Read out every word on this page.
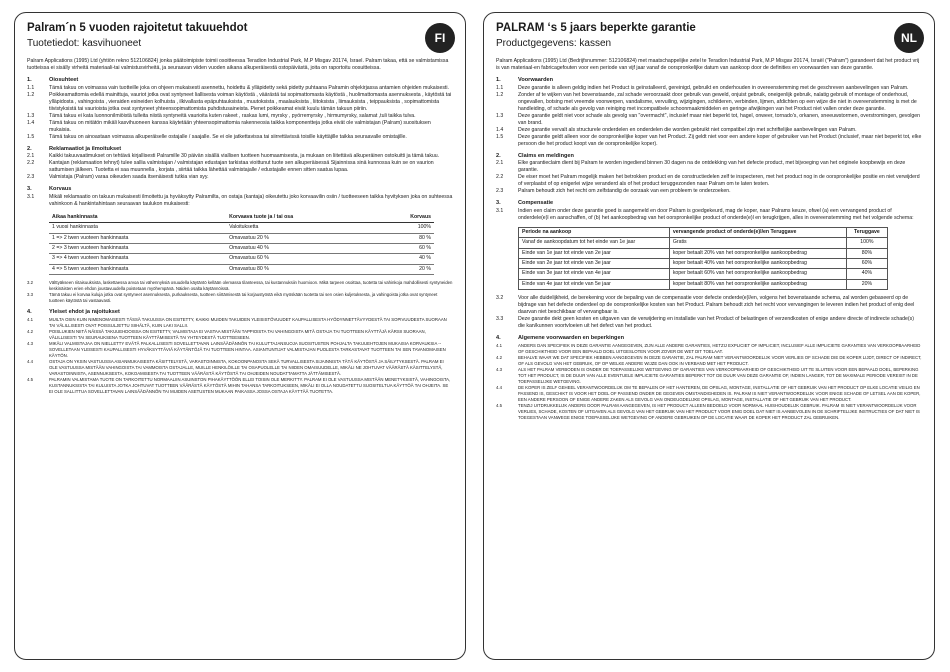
FI
Palram´n 5 vuoden rajoitetut takuuehdot
Tuotetiedot: kasvihuoneet
Palram Applications (1995) Ltd (yhtiön rekno 512106824) jonka päätoimipiste toimii osoitteessa Teradion Industrial Park, M.P Misgav 20174, Israel. Palram takaa, että se valmistamissa tuotteissa ei sisälly virheitä materiaali-tai valmistusvirheitä, ja seuraavan viiden vuoden aikana alkuperäisestä ostopäivästä, joita on raportoitu oosuitteissa.
1.	Oiosuhteet
1.1	Tämä takuu on voimassa vain tuotteille joka on ohjeen mukaisesti asennettu, hoidettu & ylläpidetty sekä pidetty puhtaana Palramin ohjekirjassa antamien ohjeiden mukaisesti.
1.2	Poikkeamattomia edellä mainittuja, vauriot jotka ovat syntyneet liallisesta voiman käytöstä , väärästä tai sopimattomasta käytöstä , huolimattomasta asennuksesta , käytöstä tai ylläpidosta , vahingoista , vieraiden esineiden kolhuista , ilkivallasta epäpuhtauksista , muutoksista , maalauksista , liitoksista , liimauksista , teippauksista , sopimattomista tiivistyksistä tai vaurioista jotka ovat syntyneet yhteensopimattomista puhdistusaineista. Pienet poikkeamat eivät kuulu tämän takuun piiriin.
1.3	Tämä takuu ei kata luonnonilmiöistä tulleita niistä syntyneitä vaurioita kuten rakeet , raskas lumi, myrsky , pyörremyrsky , hirmumyrsky, salamat ,tuli taikka tulva.
1.4	Tämä takuu on mitätön mikäli kasvihuoneen kanssa käytetään yhteensopimattomia rakenneosia taikka komponentteja jotka eivät ole valmistajan (Palram) suosituksen mukaisia.
1.5	Tämä takuu on ainoastaan voimassa alkuperäiselle ostajalle / saajalle. Se ei ole jatkettavissa tai siirrettävissä toisille käyttäjille taikka seuraavalle omistajille.
2.	Reklamaatiot ja ilmoitukset
2.1	Kaikki takuuvaatimukset on tehtävä kirjallisesti Palramille 30 päivän sisällä viallisen tuotteen huomaamisesta, ja mukaan on liitettävä alkuperäinen ostokuitti ja tämä takuu.
2.2	Kantajan (reklamaation tehnyt) tulee sallia valmistajan / valmistajan edustajan tarkistaa vioittunut tuote sen alkuperäisessä Sijainnissa sinä kunnossa kuin se on vaurion sattumisen jälkeen. Tuotetta ei saa muunnella , korjata , siirtää taikka lähettää valmistajalle / edustajalle ennen sitten saatua lupaa.
2.3	Valmistaja (Palram) varaa oikeuden saada itsenäisesti tutkia vian syy.
3.	Korvaus
3.1	Mikäli reklamaatio on takuun mukaisesti ilmoitettu ja hyväksytty Palramilta, on ostaja (kantaja) oikeutettu joko korvaavilin osiin / tuotteeseen taikka hyvityksen joka on suhteessa vahinkoon & hankintahintaan seuraavan taulukon mukaisesti:
Aikaa hankinnasta	Korvaava tuote ja / tai osa	Korvaus
1 vuosi hankinnasta	Valoituksetta	100%
1 => 2 twen vuoteen hankinnasta	Omavastuu 20 %	80 %
2 => 3 twen vuoteen hankinnasta	Omavastuu 40 %	60 %
3 => 4 twen vuoteen hankinnasta	Omavastuu 60 %	40 %
4 => 5 twen vuoteen hankinnasta	Omavastuu 80 %	20 %
3.2	Välttyäkseen riitaisuuksista, laskettaessa arvoa tai vähennyksiä osuudella käytäntö kellään olemassa tilanteessa, tai kustannuksiin huomioon. Mikä tarpeen osoittaa, tuotetta tai vahinkoja mahdollisesti syntyneiden keskinäisten erien ehdon joustavuudella poistetaan myöhempänä. Näiden osalta käytännöissä.
3.3	Tämä takuu ei korvaa kuluja jotka ovat syntyneet asennuksesta, purkauksesta, tuotteen siirtämisestä tai korjaustyöstä eikä myöskään tuotetta tai sen osien kuljetuksesta, ja vahingoista jotka ovat syntyneet tuotteen käytöstä tai vastaavasti.
4.	Yleiset ehdot ja rajoitukset
4.1	MUILTA OSIN KUIN NIMENOMAISESTI TÄSSÄ TAKUUSSA ON ESITETTY, KAIKKI MUIDEN TAKUIDEN YLEISISTÖVUUDET KAUPALLISESTA HYÖDYNNETTÄVYYDESTÄ TAI SOPIVUUDESTA SUORAAN TAI VÄLILLISESTI OVAT POISSULJETTU SIIHÄLTÄ, KUIN LAKI SALLII.
4.2	POISLUKIEN NIITÄ NÄISSÄ TAKUUEHDOISSA ON ESITETTY, VALMISTAJA EI VASTAA MISTÄÄN TAPPIOISTA TAI VAHINGOISTA MITÄ OSTAJA TAI TUOTTEEN KÄYTTÄJÄ KÄRSII SUORAAN, VÄLILLISESTI TAI SEURAUKSENA TUOTTEEN KÄYTTÄMISESTÄ TAI YHTEYDESTÄ TUOTTEESEEN.
4.3	MIKÄLI VALMISTAJAA ON NIELLETTY EVÄTÄ PALKALLISESTI SOVELLETTAVAN LAINSÄÄDÄNNÖN TAI KULUTTAJANSUOJA SUOSITUSTEN POHJALTA TAKUUEHTOJEN MUKAISIA KORVAUKSIA -- SOVELLETAAN YLEISESTI KAUPALLISESTI HYVÄKSYTTÄVIÄ KÄYTÄNTÖJÄ TAI TUOTTEEN HINTAA. ASIANTUNTIJAT VALMISTAJAN PUOLESTA TARKASTAVAT TUOTTEEN TAI SEN TAVANOMAISEN KÄYTÖN.
4.4	OSTAJA ON YKSIN VASTUUSSA ASIANMUKAISESTA KÄSITTELYSTÄ, VARASTOINNISTA, KOKOONPANOSTA SEKÄ TURVALLISESTA SIJAINNISTA TÄTÄ KÄYTÖSTÄ JA SÄILYTYKSESTÄ. PALRAM EI OLE VASTUUSSA MISTÄÄN VAHINGOISTA TAI VAMMOISTA OSTAJALLE, MUILLE HENKILÖILLE TAI OSAPUOLELLE TAI NIIDEN OMAISUUDELLE, MIKÄLI NE JOHTUVAT VÄÄRÄSTÄ KÄSITTELYSTÄ, VARASTOINNISTA, ASENNUKSESTA, KOKOAMISESTA TAI TUOTTEEN VÄÄRÄSTÄ KÄYTÖSTÄ TAI OHJEIDEN NOUDATTAMATTA JÄTTÄMISESTÄ.
4.5	PALRAMIN VALMISTAMA TUOTE ON TARKOITETTU NORMAALIIN ASUINSTON PIHAKÄYTTÖÖN ELLEI TOISIN OLE MERKITTY. PALRAM EI OLE VASTUUSSA MISTÄÄN MENETYKSISTÄ, VAHINGOISTA, KUSTANNUKSISTA TAI KULUISTA JOTKA JOHTUVAT TUOTTEEN VÄÄRÄSTÄ KÄYTÖSTÄ MIHIN TAHANSA TARKOITUKSEEN, MIKÄLI EI OLLA NOUDATETTU SUOSITELTUA KÄYTTÖÄ TAI OHJEITA. SE EI OLE SALLITTUA SOVELLETTAVAN LAINSÄÄDÄNNÖN TAI MUIDEN ASETUSTEN MUKAAN PAIKASSA JOSSA OSTAJA KÄYTTÄÄ TUOTETTA.
NL
PALRAM ‘s 5 jaars beperkte garantie
Productgegevens: kassen
Palram Applications (1995) Ltd (Bedrijfsnummer: 512106824) met maatschappelijke zetel te Teradion Industrial Park, M.P Misgav 20174, Israël ("Palram") garandeert dat het product vrij is van materiaal-en fabricagefouten voor een periode van vijf jaar vanaf de oorspronkelijke datum van aankoop door de definities en voorwaarden van deze garantie.
1.	Voorwaarden
1.1	Deze garantie is alleen geldig indien het Product is geïnstalleerd, gereinigd, gebruikt en onderhouden in overeenstemming met de geschreven aanbevelingen van Palram.
1.2	Zonder af te wijken van het bovenstaande, zal schade veroorzaakt door gebruik van geweld, onjuist gebruik, oneigenlijk gebruik, nalatig gebruik of montage of onderhoud, ongevallen, botsing met vreemde voorwerpen, vandalisme, vervuiling, wijzigingen, schilderen, verbinden, lijmen, afdichten op een wijze die niet in overeenstemming is met de handleiding, of schade als gevolg van reiniging met incompatibele schoonmaakmiddelen en geringe afwijkingen van het Product niet vallen onder deze garantie.
1.3	Deze garantie geldt niet voor schade als gevolg van "overmacht", inclusief maar niet beperkt tot, hagel, onweer, tornado's, orkanen, sneeuwstormen, overstromingen, gevolgen van brand.
1.4	Deze garantie vervalt als structurele onderdelen en onderdelen die worden gebruikt niet compatibel zijn met schriftelijke aanbevelingen van Palram.
1.5	Deze garantie geldt alleen voor de oorspronkelijke koper van het Product. Zij geldt niet voor een andere koper of gebruiker van het Product (inclusief, maar niet beperkt tot, elke persoon die het product koopt van de oorspronkelijke koper).
2.	Claims en meldingen
2.1	Elke garantieclaim dient bij Palram te worden ingediend binnen 30 dagen na de ontdekking van het defecte product, met bijvoeging van het originele koopbewijs en deze garantie.
2.2	De eiser moet het Palram mogelijk maken het betrokken product en de constructiedelen zelf te inspecteren, met het product nog in de oorspronkelijke positie en niet verwijderd of verplaatst of op enigerlei wijze veranderd als of het product teruggezonden naar Palram om te laten testen.
2.3	Palram behoudt zich het recht om zelfstandig de oorzaak van een probleem te onderzoeken.
3.	Compensatie
3.1	Indien een claim onder deze garantie goed is aangemeld en door Palram is goedgekeurd, mag de koper, naar Palrams keuze, ofwel (a) een vervangend product of onderdele(e)l en aanschaffen, of (b) het aankoopbedrag van het oorspronkelijke product of onderde(e)l en terugkrijgen, alles in overeenstemming met het volgende schema:
Periode na aankoop	vervangende product of onderde(e)l/en Teruggave	Teruggave
Vanaf de aankoopdatum tot het einde van 1e jaar	Gratis	100%
Einde van 1e jaar tot einde van 2e jaar	koper betaalt 20% van het oorspronkelijke aankoopbedrag	80%
Einde van 2e jaar tot einde van 3e jaar	koper betaalt 40% van het oorspronkelijke aankoopbedrag	60%
Einde van 3e jaar tot einde van 4e jaar	koper betaalt 60% van het oorspronkelijke aankoopbedrag	40%
Einde van 4e jaar tot einde van 5e jaar	koper betaalt 80% van het oorspronkelijke aankoopbedrag	20%
3.2	Voor alle duidelijkheid, de berekening voor de bepaling van de compensatie voor defecte onderde(e)l/en, volgens het bovenstaande schema, zal worden gebaseerd op de bijdrage van het defecte onderdeel op de oorspronkelijke kosten van het Product. Palram behoudt zich het recht voor vervangingen te leveren indien het product of enig deel daarvan niet beschikbaar of vervangbaar is.
3.3	Deze garantie dekt geen kosten en uitgaven van de verwijdering en installatie van het Product of belastingen of verzendkosten of enige andere directe of indirecte schade(s) die kan/kunnen voortvloeien uit het defect van het product.
4.	Algemene voorwaarden en beperkingen
4.1	ANDERS DAN SPECIFIEK IN DEZE GARANTIE AANGEGEVEN, ZIJN ALLE ANDERE GARANTIES, HETZIJ EXPLICIET OF IMPLICIET, INCLUSIEF ALLE IMPLICIETE GARANTIES VAN VERKOOPBAARHEID OF GESCHIKTHEID VOOR EEN BEPAALD DOEL UITGESLOTEN VOOR ZOVER DE WET DIT TOELAAT.
4.2	BEHALVE WAAR WE DAT SPECIFIEK HEBBEN AANGEGEVEN IN DEZE GARANTIE, ZAL PALRAM NIET VERANTWOORDELIJK VOOR VERLIES OF SCHADE DIE DE KOPER LIJDT, DIRECT OF INDIRECT, OF ALS GEVOLG VAN HET GEBRUIK, OF OP WELKE ANDERE WIJZE DAN OOK IN VERBAND MET HET PRODUCT.
4.3	ALS HET PALRAM VERBODEN IS ONDER DE TOEPASSELIJKE WETGEVING OF GARANTIES VAN VERKOOPBAARHEID OF GESCHIKTHEID UIT TE SLUITEN VOOR EEN BEPAALD DOEL, BEPERKING TOT HET PRODUCT, IS DE DUUR VAN ALLE EVENTUELE IMPLICIETE GARANTIES BEPERKT TOT DE DUUR VAN DEZE GARANTIE OF, INDIEN LANGER, TOT DE MAXIMALE PERIODE VEREIST IN DE TOEPASSELIJKE WETGEVING.
4.4	DE KOPER IS ZELF GEHEEL VERANTWOORDELIJK OM TE BEPALEN OF HET HANTEREN, DE OPSLAG, MONTAGE, INSTALLATIE OF HET GEBRUIK VAN HET PRODUCT OP ELKE LOCATIE VEILIG EN PASSEND IS, GESCHIKT IS VOOR HET DOEL OF PASSEND ONDER DE GEGEVEN OMSTANDIGHEDEN IS. PALRAM IS NIET VERANTWOORDELIJK VOOR ENIGE SCHADE OF LETSEL AAN DE KOPER, EEN ANDERE PERSOON OF ENIGE ANDERE ZAKEN ALS GEVOLG VAN ONDEUGDELIJKE OPSLAG, MONTAGE, INSTALLATIE OF HET GEBRUIK VAN HET PRODUCT.
4.5	TENZIJ UITDRUKKELIJK ANDERS DOOR PALRAM AANGEGEVEN, IS HET PRODUCT ALLEEN BEDOELD VOOR NORMAAL HUISHOUDELIJK GEBRUIK. PALRAM IS NIET VERANTWOORDELIJK VOOR VERLIES, SCHADE, KOSTEN OF UITGAVEN ALS GEVOLG VAN HET GEBRUIK VAN HET PRODUCT VOOR ENIG DOEL DAT NIET IS AANBEVOLEN IN DE SCHRIFTELIJKE INSTRUCTIES OF DAT NIET IS TOEGESTAAN VANWEGE ENIGE TOEPASSELIJKE WETGEVING OF ANDERE GEBRUIKEN OP DE LOCATIE WAAR DE KOPER HET PRODUCT ZAL GEBRUIKEN.
